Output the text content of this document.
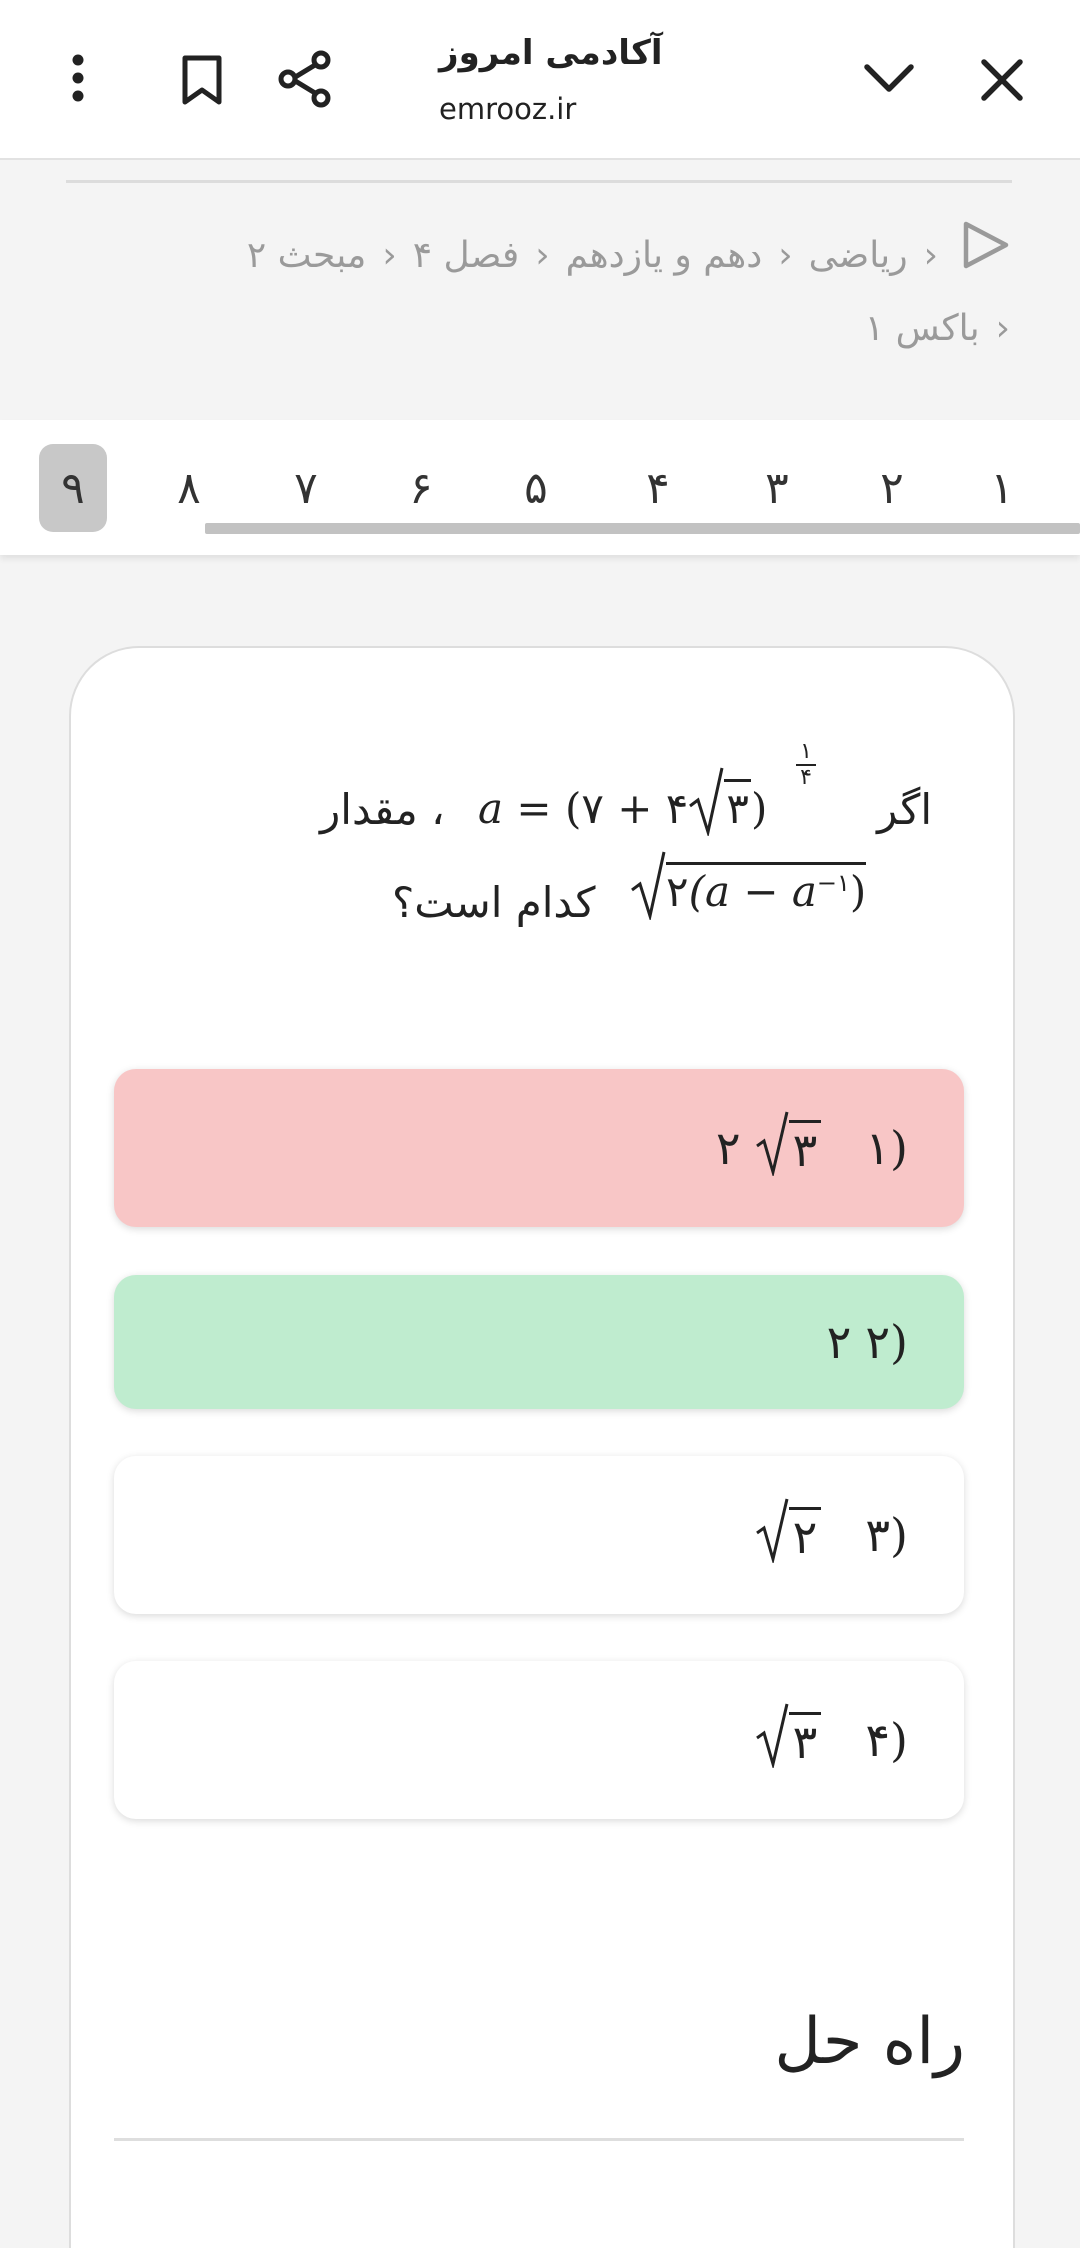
آکادمی امروز
emrooz.ir
‹ریاضی‹دهم و یازدهم‹فصل ۴‹مبحث ۲
‹باکس ۱
۱
۲
۳
۴
۵
۶
۷
۸
۹
اگر
a = (۷ + ۴ ۳)
۱
۴
، مقدار
۲(a − $a^{-۱}$)
کدام است؟
۲ ۳ ۱)
۲ ۲)
۲ ۳)
۳ ۴)
راه حل
